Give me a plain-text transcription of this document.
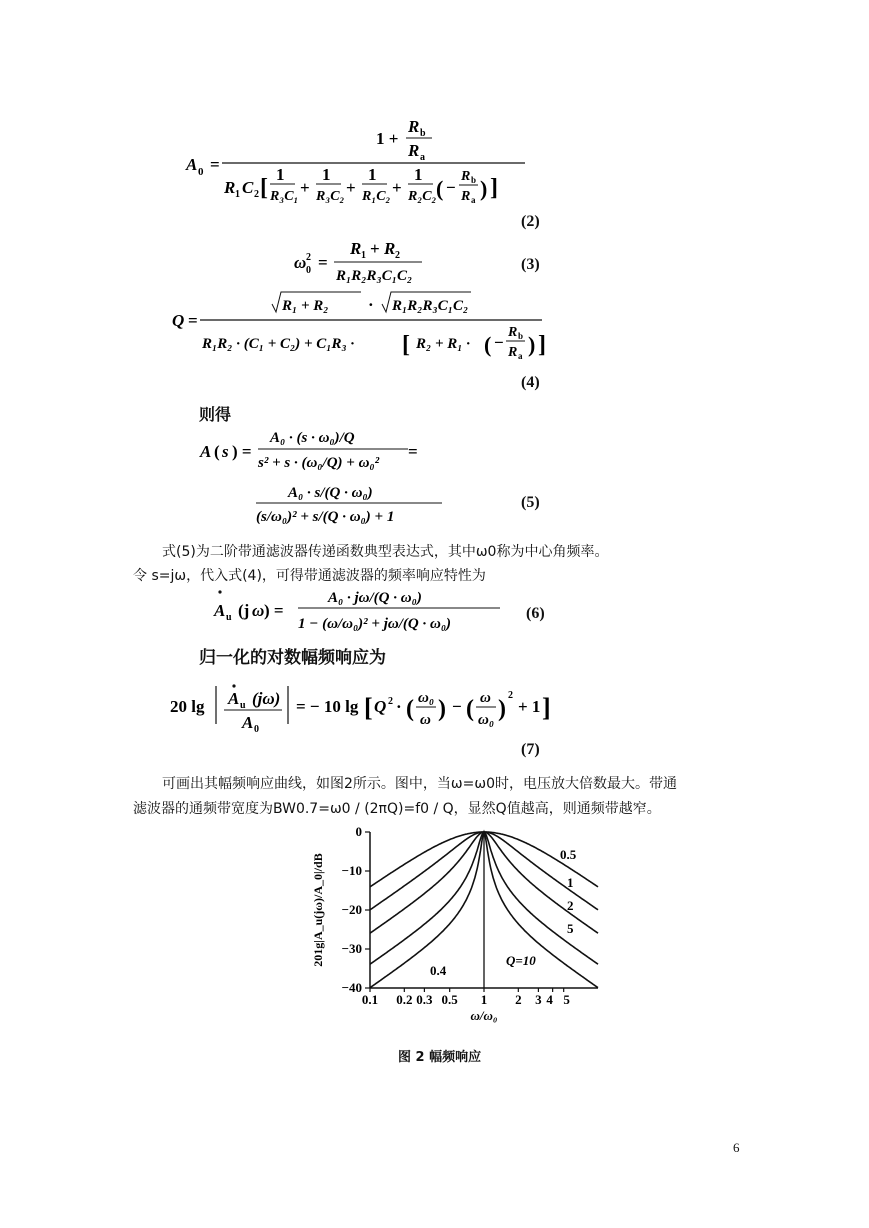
A 0 =
1 +
R b
R a
R 1 C 2 [
1
R₃C₁ +
1
R₃C₂ +
1
R₁C₂ +
1
R₂C₂ ( −
R b
R a ) ]
(2)
ω 2
0 =
R 1 + R 2
R₁R₂R₃C₁C₂
(3)
Q =
R₁ + R₂ · R₁R₂R₃C₁C₂
R₁R₂ · (C₁ + C₂) + C₁R₃ · [ R₂ + R₁ · ( −
R b
R a ) ]
(4)
则得
A ( s ) =
A₀ · (s · ω₀)/Q
s² + s · (ω₀/Q) + ω₀²
=
A₀ · s/(Q · ω₀)
(s/ω₀)² + s/(Q · ω₀) + 1
(5)
式(5)为二阶带通滤波器传递函数典型表达式，其中ω0称为中心角频率。
令 s=jω，代入式(4)，可得带通滤波器的频率响应特性为
A u (j ω ) =
A₀ · jω/(Q · ω₀)
1 − (ω/ω₀)² + jω/(Q · ω₀)
(6)
归一化的对数幅频响应为
20 lg A u (jω)
A 0
= − 10 lg [ Q 2 · ( ω₀
ω ) − ( ω
ω₀ )
2
+ 1 ]
(7)
可画出其幅频响应曲线，如图2所示。图中，当ω=ω0时，电压放大倍数最大。带通
滤波器的通频带宽度为BW0.7=ω0 / (2πQ)=f0 / Q，显然Q值越高，则通频带越窄。
0
−10
−20
−30
−40
0.1 0.2 0.3 0.5 1 2 3 4 5
ω/ω₀
201g|A_u(jω)/A_0|/dB	0.5
1
2
5
Q=10
0.4
图 2 幅频响应
6
